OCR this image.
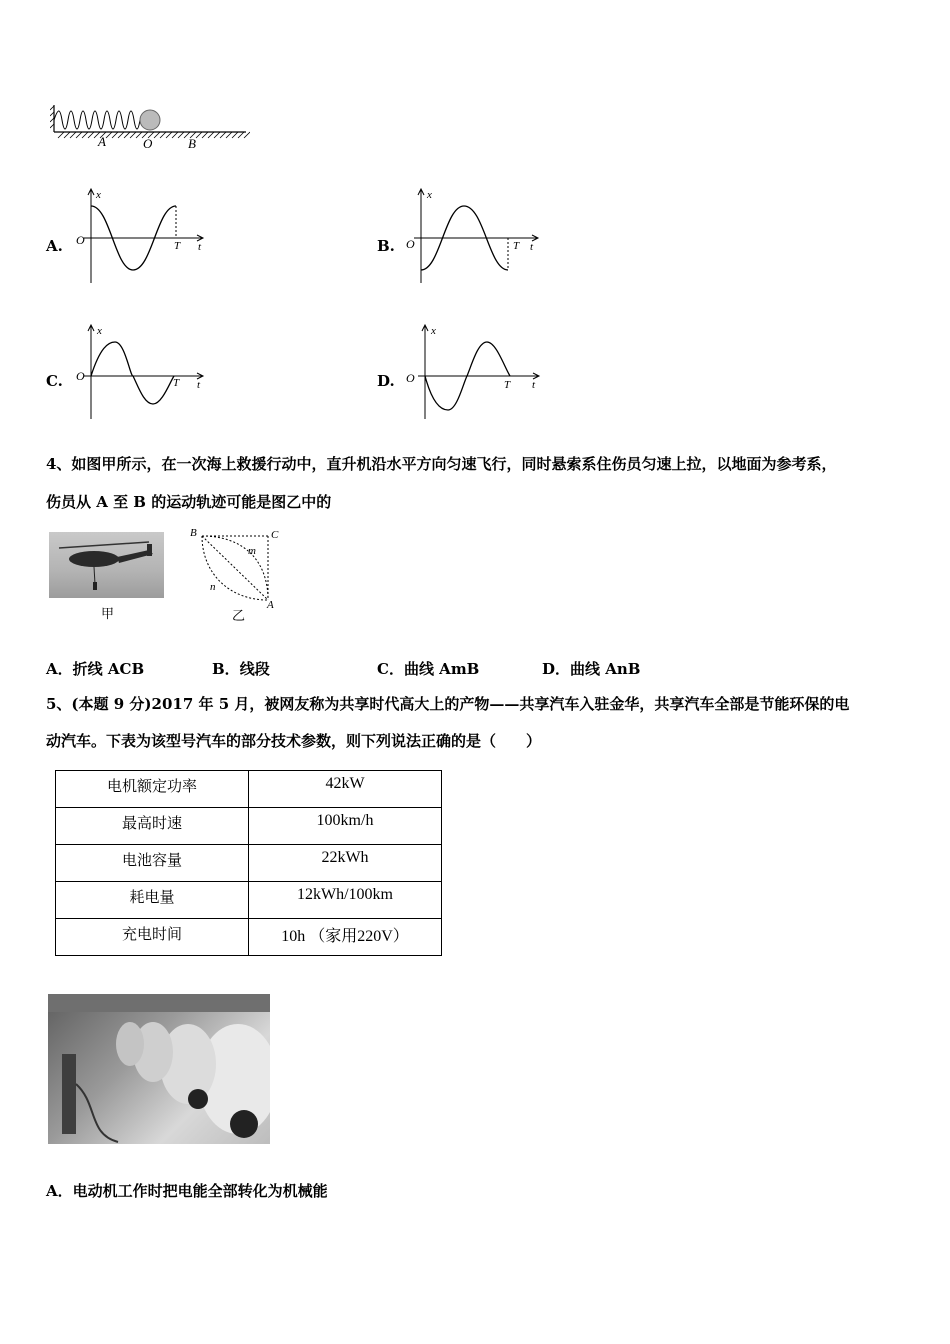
A	O	B
A.
x
O	T t	B.
x
O	T t
C.
x
O	T t	D.
x
O	T t
4、如图甲所示，在一次海上救援行动中，直升机沿水平方向匀速飞行，同时悬索系住伤员匀速上拉，以地面为参考系，
伤员从 A 至 B 的运动轨迹可能是图乙中的
甲
B	C
A
m
n
乙
A．折线 ACB	B．线段	C．曲线 AmB	D．曲线 AnB
5、(本题 9 分)2017 年 5 月，被网友称为共享时代高大上的产物——共享汽车入驻金华，共享汽车全部是节能环保的电
动汽车。下表为该型号汽车的部分技术参数，则下列说法正确的是（　　）
电机额定功率	42kW
最高时速	100km/h
电池容量	22kWh
耗电量	12kWh/100km
充电时间	10h （家用220V）
A．电动机工作时把电能全部转化为机械能
